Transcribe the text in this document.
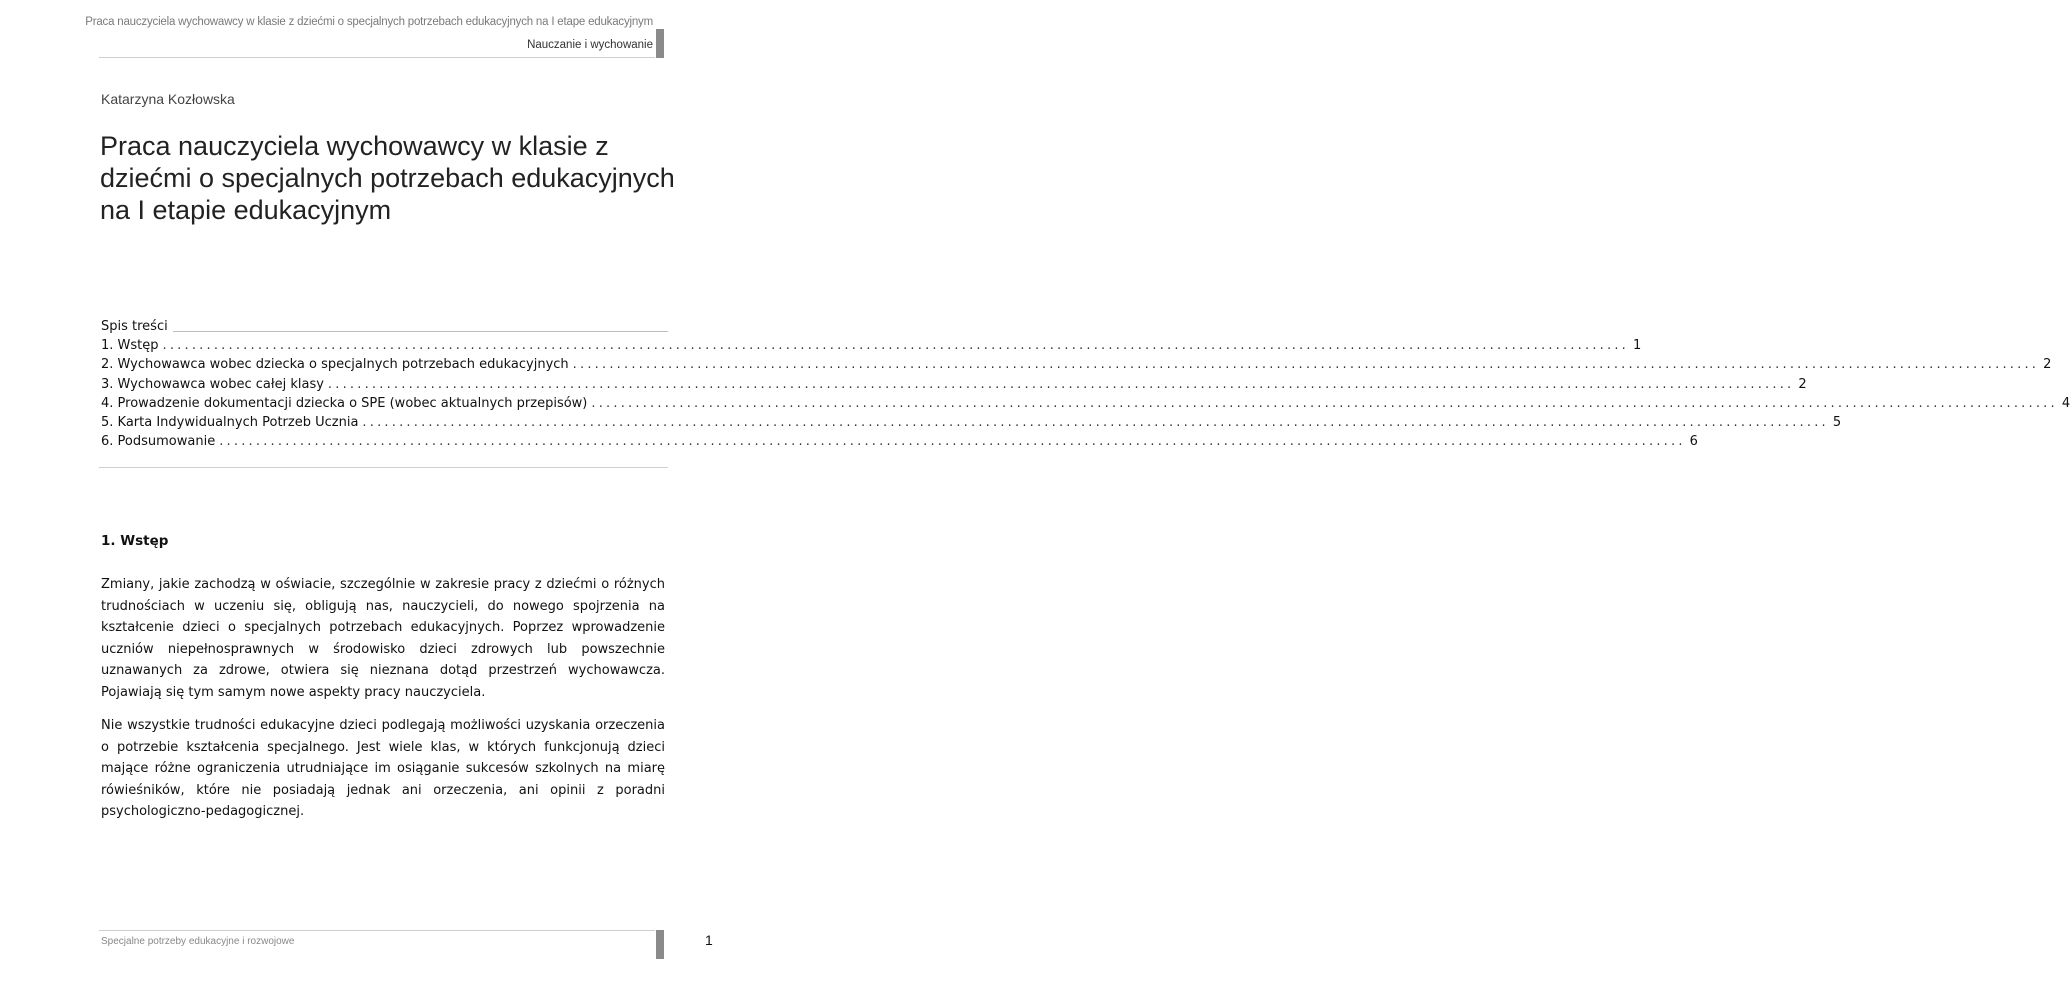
Praca nauczyciela wychowawcy w klasie z dziećmi o specjalnych potrzebach edukacyjnych na I etape edukacyjnym
Nauczanie i wychowanie
Katarzyna Kozłowska
Praca nauczyciela wychowawcy w klasie z dziećmi o specjalnych potrzebach edukacyjnych na I etapie edukacyjnym
Spis treści
1. Wstęp ........................................................................................................................................................................................................ 1
2. Wychowawca wobec dziecka o specjalnych potrzebach edukacyjnych ........................................................................................................................................................................................................ 2
3. Wychowawca wobec całej klasy ........................................................................................................................................................................................................ 2
4. Prowadzenie dokumentacji dziecka o SPE (wobec aktualnych przepisów) ........................................................................................................................................................................................................ 4
5. Karta Indywidualnych Potrzeb Ucznia ........................................................................................................................................................................................................ 5
6. Podsumowanie ........................................................................................................................................................................................................ 6
1. Wstęp

Zmiany, jakie zachodzą w oświacie, szczególnie w zakresie pracy z dziećmi o różnych trudnościach w uczeniu się, obligują nas, nauczycieli, do nowego spojrzenia na kształcenie dzieci o specjalnych potrzebach edukacyjnych. Poprzez wprowadzenie uczniów niepełnosprawnych w środowisko dzieci zdrowych lub powszechnie uznawanych za zdrowe, otwiera się nieznana dotąd przestrzeń wychowawcza. Pojawiają się tym samym nowe aspekty pracy nauczyciela.

Nie wszystkie trudności edukacyjne dzieci podlegają możliwości uzyskania orzeczenia o potrzebie kształcenia specjalnego. Jest wiele klas, w których funkcjonują dzieci mające różne ograniczenia utrudniające im osiąganie sukcesów szkolnych na miarę rówieśników, które nie posiadają jednak ani orzeczenia, ani opinii z poradni psychologiczno-pedagogicznej.

Specjalne potrzeby edukacyjne i rozwojowe	1
